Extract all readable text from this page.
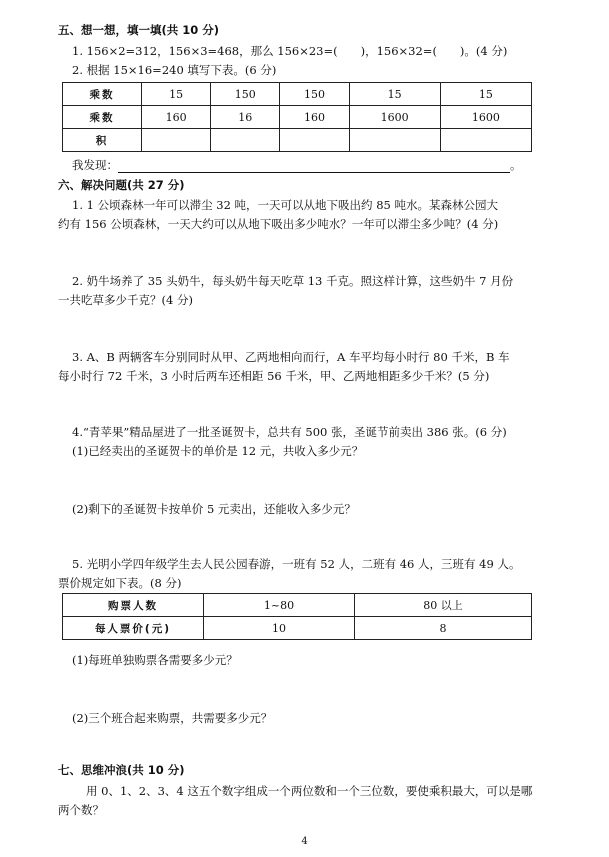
五、想一想，填一填(共 10 分)
1. 156×2=312，156×3=468，那么 156×23=(　　)，156×32=(　　)。(4 分)
2. 根据 15×16=240 填写下表。(6 分)
乘数	15	150	150	15	15
乘数	160	16	160	1600	1600
积					
我发现：	。
六、解决问题(共 27 分)
1. 1 公顷森林一年可以滞尘 32 吨，一天可以从地下吸出约 85 吨水。某森林公园大
约有 156 公顷森林，一天大约可以从地下吸出多少吨水？一年可以滞尘多少吨？(4 分)
2. 奶牛场养了 35 头奶牛，每头奶牛每天吃草 13 千克。照这样计算，这些奶牛 7 月份
一共吃草多少千克？(4 分)
3. A、B 两辆客车分别同时从甲、乙两地相向而行，A 车平均每小时行 80 千米，B 车
每小时行 72 千米，3 小时后两车还相距 56 千米，甲、乙两地相距多少千米？(5 分)
4.“青苹果”精品屋进了一批圣诞贺卡，总共有 500 张，圣诞节前卖出 386 张。(6 分)
(1)已经卖出的圣诞贺卡的单价是 12 元，共收入多少元？
(2)剩下的圣诞贺卡按单价 5 元卖出，还能收入多少元？
5. 光明小学四年级学生去人民公园春游，一班有 52 人，二班有 46 人，三班有 49 人。
票价规定如下表。(8 分)
购票人数	1~80	80 以上
每人票价(元)	10	8
(1)每班单独购票各需要多少元？
(2)三个班合起来购票，共需要多少元？
七、思维冲浪(共 10 分)
用 0、1、2、3、4 这五个数字组成一个两位数和一个三位数，要使乘积最大，可以是哪
两个数？
4
